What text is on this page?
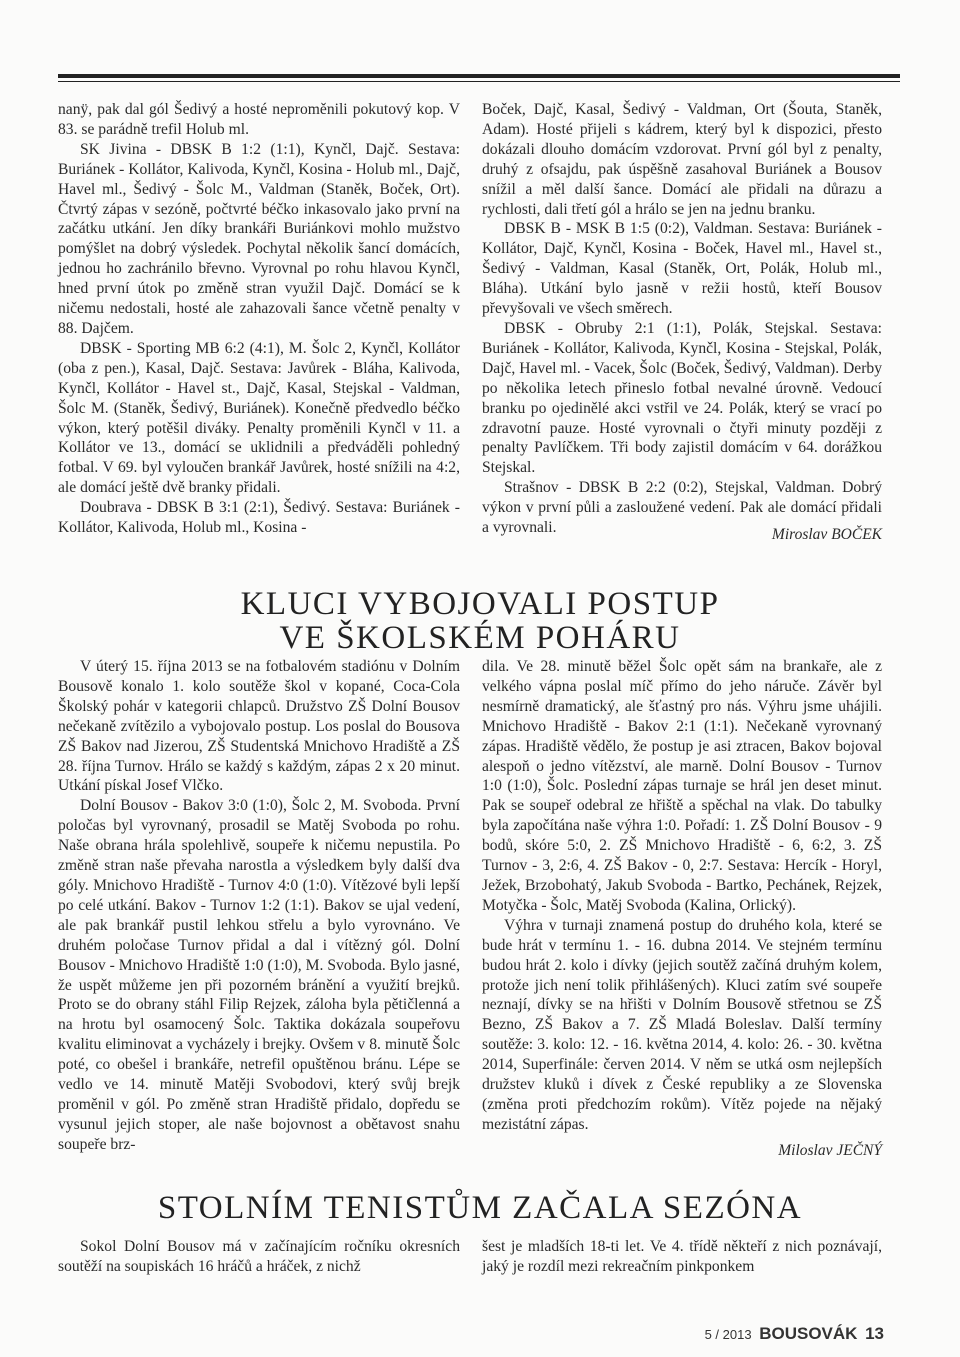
nanÿ, pak dal gól Šedivý a hosté neproměnili pokutový kop. V 83. se parádně trefil Holub ml.

SK Jivina - DBSK B 1:2 (1:1), Kynčl, Dajč. Sestava: Buriánek - Kollátor, Kalivoda, Kynčl, Kosina - Holub ml., Dajč, Havel ml., Šedivý - Šolc M., Valdman (Staněk, Boček, Ort). Čtvrtý zápas v sezóně, počtvrté béčko inkasovalo jako první na začátku utkání. Jen díky brankáři Buriánkovi mohlo mužstvo pomýšlet na dobrý výsledek. Pochytal několik šancí domácích, jednou ho zachránilo břevno. Vyrovnal po rohu hlavou Kynčl, hned první útok po změně stran využil Dajč. Domácí se k ničemu nedostali, hosté ale zahazovali šance včetně penalty v 88. Dajčem.

DBSK - Sporting MB 6:2 (4:1), M. Šolc 2, Kynčl, Kollátor (oba z pen.), Kasal, Dajč. Sestava: Javůrek - Bláha, Kalivoda, Kynčl, Kollátor - Havel st., Dajč, Kasal, Stejskal - Valdman, Šolc M. (Staněk, Šedivý, Buriánek). Konečně předvedlo béčko výkon, který potěšil diváky. Penalty proměnili Kynčl v 11. a Kollátor ve 13., domácí se uklidnili a předváděli pohledný fotbal. V 69. byl vyloučen brankář Javůrek, hosté snížili na 4:2, ale domácí ještě dvě branky přidali.

Doubrava - DBSK B 3:1 (2:1), Šedivý. Sestava: Buriánek - Kollátor, Kalivoda, Holub ml., Kosina -

Boček, Dajč, Kasal, Šedivý - Valdman, Ort (Šouta, Staněk, Adam). Hosté přijeli s kádrem, který byl k dispozici, přesto dokázali dlouho domácím vzdorovat. První gól byl z penalty, druhý z ofsajdu, pak úspěšně zasahoval Buriánek a Bousov snížil a měl další šance. Domácí ale přidali na důrazu a rychlosti, dali třetí gól a hrálo se jen na jednu branku.

DBSK B - MSK B 1:5 (0:2), Valdman. Sestava: Buriánek - Kollátor, Dajč, Kynčl, Kosina - Boček, Havel ml., Havel st., Šedivý - Valdman, Kasal (Staněk, Ort, Polák, Holub ml., Bláha). Utkání bylo jasně v režii hostů, kteří Bousov převyšovali ve všech směrech.

DBSK - Obruby 2:1 (1:1), Polák, Stejskal. Sestava: Buriánek - Kollátor, Kalivoda, Kynčl, Kosina - Stejskal, Polák, Dajč, Havel ml. - Vacek, Šolc (Boček, Šedivý, Valdman). Derby po několika letech přineslo fotbal nevalné úrovně. Vedoucí branku po ojedinělé akci vstřil ve 24. Polák, který se vrací po zdravotní pauze. Hosté vyrovnali o čtyři minuty později z penalty Pavlíčkem. Tři body zajistil domácím v 64. dorážkou Stejskal.

Strašnov - DBSK B 2:2 (0:2), Stejskal, Valdman. Dobrý výkon v první půli a zasloužené vedení. Pak ale domácí přidali a vyrovnali.	Miroslav BOČEK
KLUCI VYBOJOVALI POSTUP
VE ŠKOLSKÉM POHÁRU

V úterý 15. října 2013 se na fotbalovém stadiónu v Dolním Bousově konalo 1. kolo soutěže škol v kopané, Coca-Cola Školský pohár v kategorii chlapců. Družstvo ZŠ Dolní Bousov nečekaně zvítězilo a vybojovalo postup. Los poslal do Bousova ZŠ Bakov nad Jizerou, ZŠ Studentská Mnichovo Hradiště a ZŠ 28. října Turnov. Hrálo se každý s každým, zápas 2 x 20 minut. Utkání pískal Josef Vlčko.

Dolní Bousov - Bakov 3:0 (1:0), Šolc 2, M. Svoboda. První poločas byl vyrovnaný, prosadil se Matěj Svoboda po rohu. Naše obrana hrála spolehlivě, soupeře k ničemu nepustila. Po změně stran naše převaha narostla a výsledkem byly další dva góly. Mnichovo Hradiště - Turnov 4:0 (1:0). Vítězové byli lepší po celé utkání. Bakov - Turnov 1:2 (1:1). Bakov se ujal vedení, ale pak brankář pustil lehkou střelu a bylo vyrovnáno. Ve druhém poločase Turnov přidal a dal i vítězný gól. Dolní Bousov - Mnichovo Hradiště 1:0 (1:0), M. Svoboda. Bylo jasné, že uspět můžeme jen při pozorném bránění a využití brejků. Proto se do obrany stáhl Filip Rejzek, záloha byla pětičlenná a na hrotu byl osamocený Šolc. Taktika dokázala soupeřovu kvalitu eliminovat a vycházely i brejky. Ovšem v 8. minutě Šolc poté, co obešel i brankáře, netrefil opuštěnou bránu. Lépe se vedlo ve 14. minutě Matěji Svobodovi, který svůj brejk proměnil v gól. Po změně stran Hradiště přidalo, dopředu se vysunul jejich stoper, ale naše bojovnost a obětavost snahu soupeře brz-

dila. Ve 28. minutě běžel Šolc opět sám na brankaře, ale z velkého vápna poslal míč přímo do jeho náruče. Závěr byl nesmírně dramatický, ale šťastný pro nás. Výhru jsme uhájili. Mnichovo Hradiště - Bakov 2:1 (1:1). Nečekaně vyrovnaný zápas. Hradiště vědělo, že postup je asi ztracen, Bakov bojoval alespoň o jedno vítězství, ale marně. Dolní Bousov - Turnov 1:0 (1:0), Šolc. Poslední zápas turnaje se hrál jen deset minut. Pak se soupeř odebral ze hřiště a spěchal na vlak. Do tabulky byla započítána naše výhra 1:0. Pořadí: 1. ZŠ Dolní Bousov - 9 bodů, skóre 5:0, 2. ZŠ Mnichovo Hradiště - 6, 6:2, 3. ZŠ Turnov - 3, 2:6, 4. ZŠ Bakov - 0, 2:7. Sestava: Hercík - Horyl, Ježek, Brzobohatý, Jakub Svoboda - Bartko, Pechánek, Rejzek, Motyčka - Šolc, Matěj Svoboda (Kalina, Orlický).

Výhra v turnaji znamená postup do druhého kola, které se bude hrát v termínu 1. - 16. dubna 2014. Ve stejném termínu budou hrát 2. kolo i dívky (jejich soutěž začíná druhým kolem, protože jich není tolik přihlášených). Kluci zatím své soupeře neznají, dívky se na hřišti v Dolním Bousově střetnou se ZŠ Bezno, ZŠ Bakov a 7. ZŠ Mladá Boleslav. Další termíny soutěže: 3. kolo: 12. - 16. května 2014, 4. kolo: 26. - 30. května 2014, Superfinále: červen 2014. V něm se utká osm nejlepších družstev kluků i dívek z České republiky a ze Slovenska (změna proti předchozím rokům). Vítěz pojede na nějaký mezistátní zápas.

Miloslav JEČNÝ
STOLNÍM TENISTŮM ZAČALA SEZÓNA

Sokol Dolní Bousov má v začínajícím ročníku okresních soutěží na soupiskách 16 hráčů a hráček, z nichž

šest je mladších 18-ti let. Ve 4. třídě někteří z nich poznávají, jaký je rozdíl mezi rekreačním pinkponkem

5 / 2013 BOUSOVÁK 13
